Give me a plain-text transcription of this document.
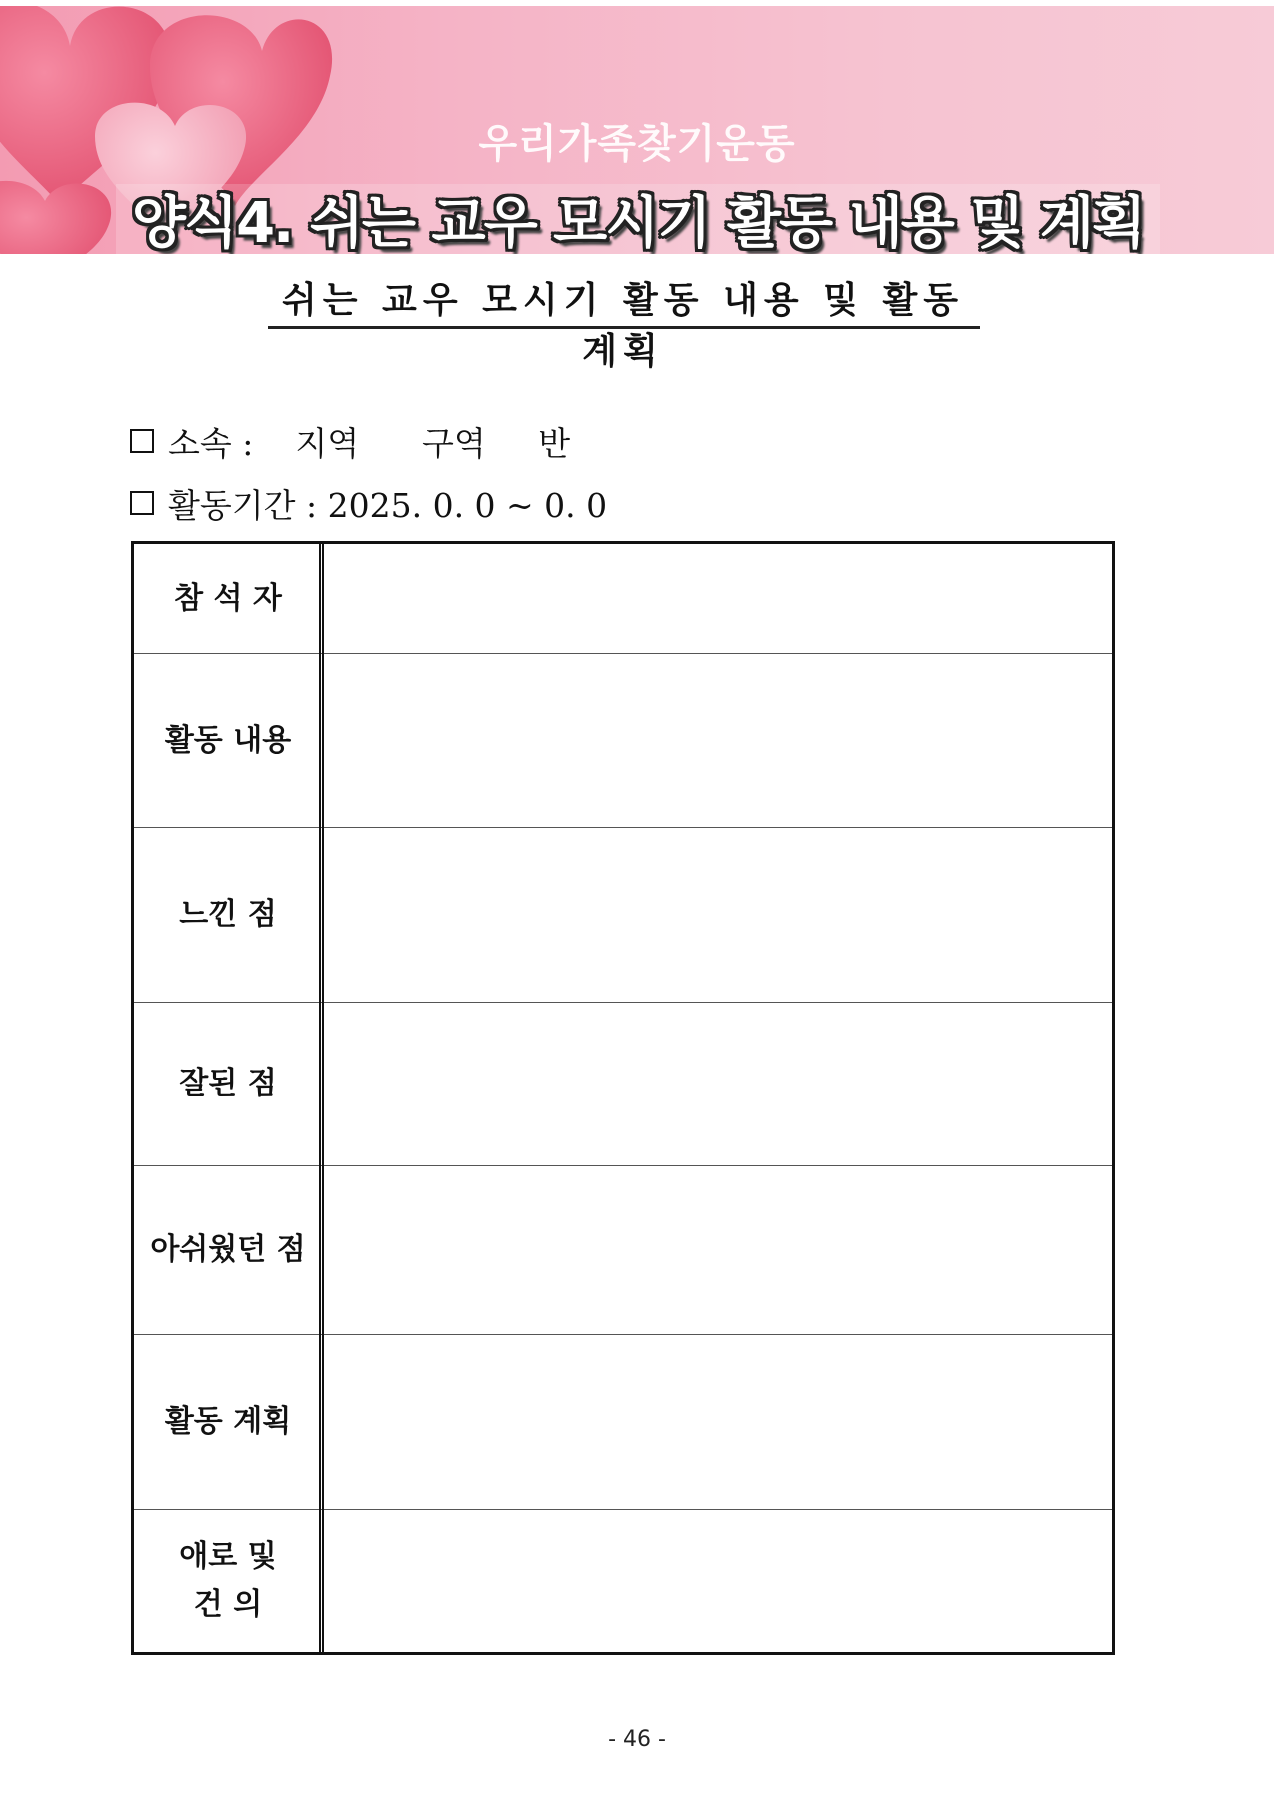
우리가족찾기운동
양식4. 쉬는 교우 모시기 활동 내용 및 계획
쉬는 교우 모시기 활동 내용 및 활동 계획
소속 :    지역      구역     반
활동기간 : 2025. 0. 0 ~ 0. 0
참 석 자
활동 내용
느낀 점
잘된 점
아쉬웠던 점
활동 계획
애로 및
건 의
- 46 -
